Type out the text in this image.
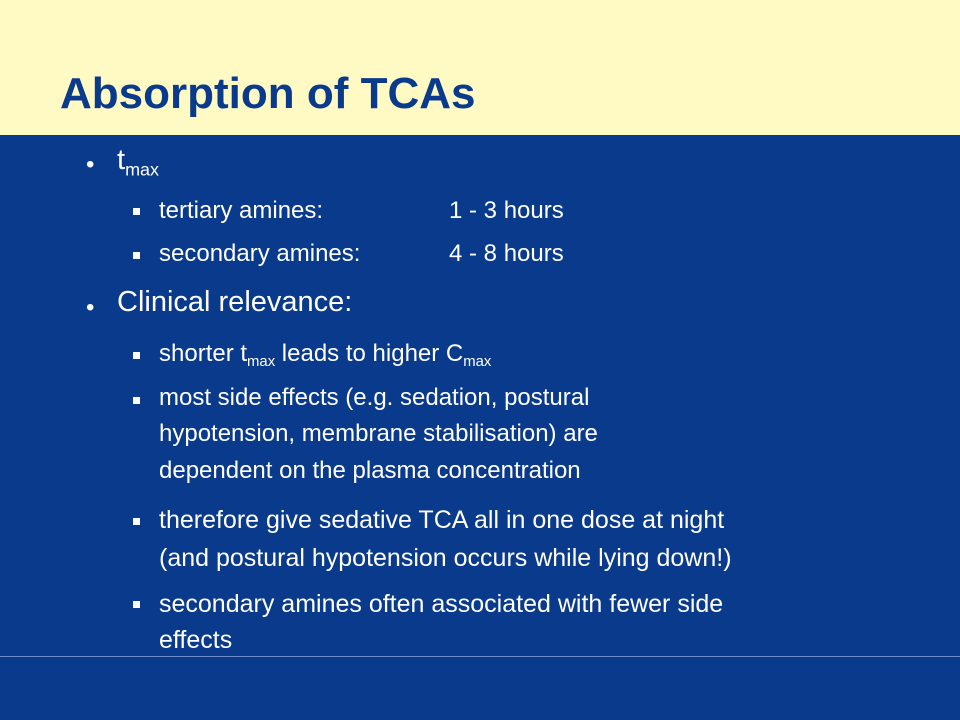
Absorption of TCAs
• $t_{max}$
tertiary amines:	1 - 3 hours
secondary amines:	4 - 8 hours
• Clinical relevance:
shorter $t_{max}$ leads to higher $C_{max}$
most side effects (e.g. sedation, postural
hypotension, membrane stabilisation) are
dependent on the plasma concentration
therefore give sedative TCA all in one dose at night
(and postural hypotension occurs while lying down!)
secondary amines often associated with fewer side
effects
